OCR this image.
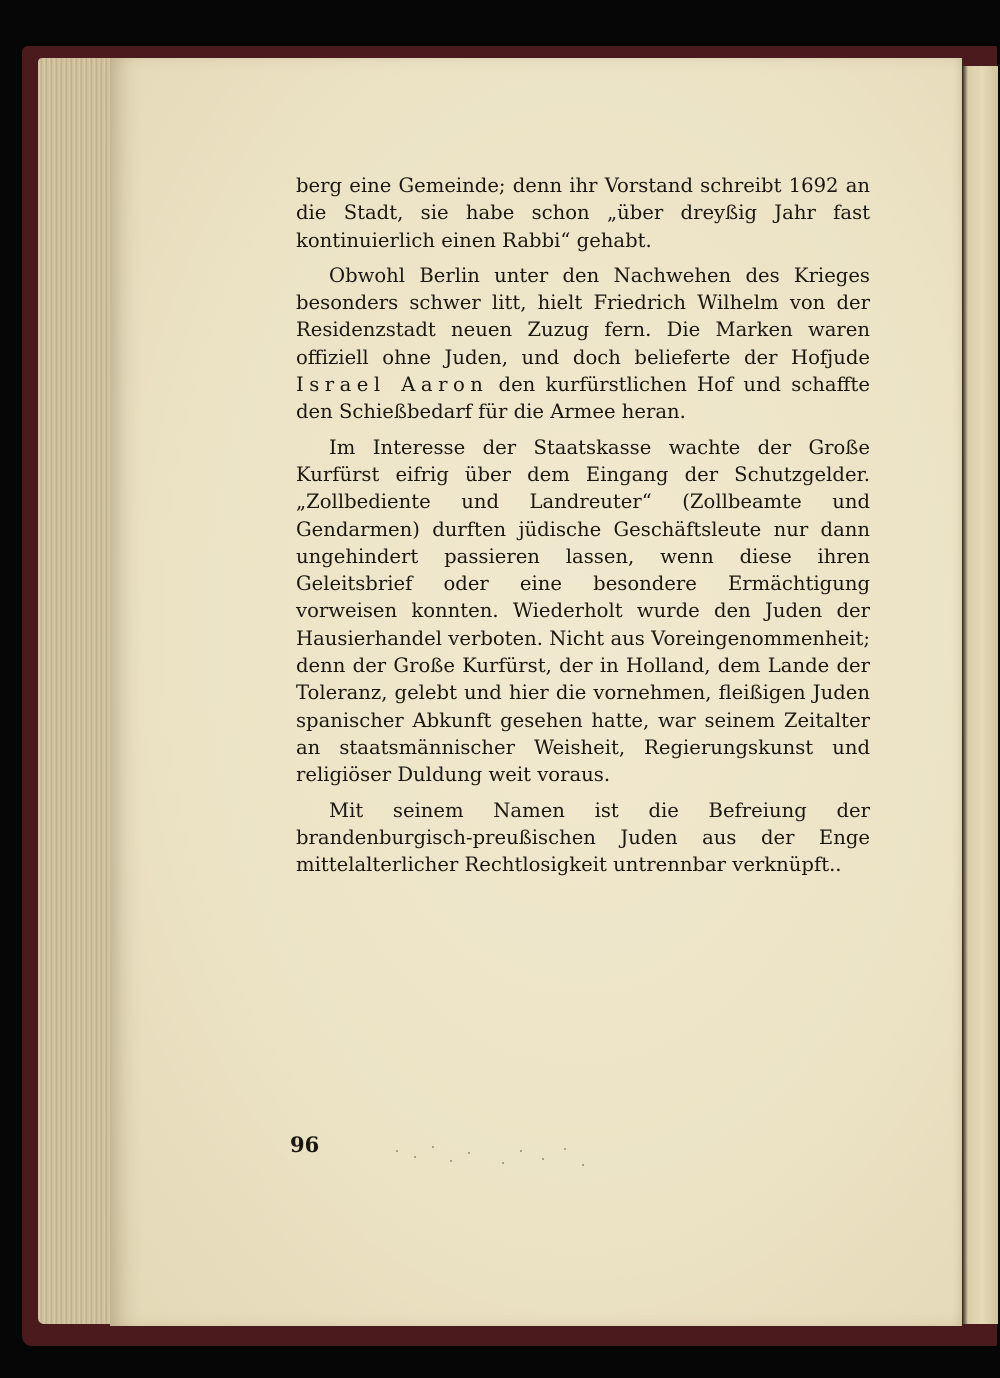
berg eine Gemeinde; denn ihr Vorstand schreibt 1692 an die Stadt, sie habe schon „über dreyßig Jahr fast kontinuierlich einen Rabbi“ gehabt.

Obwohl Berlin unter den Nachwehen des Krieges besonders schwer litt, hielt Friedrich Wilhelm von der Residenzstadt neuen Zuzug fern. Die Marken waren offiziell ohne Juden, und doch belieferte der Hofjude Israel Aaron den kurfürstlichen Hof und schaffte den Schießbedarf für die Armee heran.

Im Interesse der Staatskasse wachte der Große Kurfürst eifrig über dem Eingang der Schutzgelder. „Zollbediente und Landreuter“ (Zollbeamte und Gendarmen) durften jüdische Geschäftsleute nur dann ungehindert passieren lassen, wenn diese ihren Geleitsbrief oder eine besondere Ermächtigung vorweisen konnten. Wiederholt wurde den Juden der Hausierhandel verboten. Nicht aus Voreingenommenheit; denn der Große Kurfürst, der in Holland, dem Lande der Toleranz, gelebt und hier die vornehmen, fleißigen Juden spanischer Abkunft gesehen hatte, war seinem Zeitalter an staatsmännischer Weisheit, Regierungskunst und religiöser Duldung weit voraus.

Mit seinem Namen ist die Befreiung der brandenburgisch-preußischen Juden aus der Enge mittelalterlicher Rechtlosigkeit untrennbar verknüpft..

96
